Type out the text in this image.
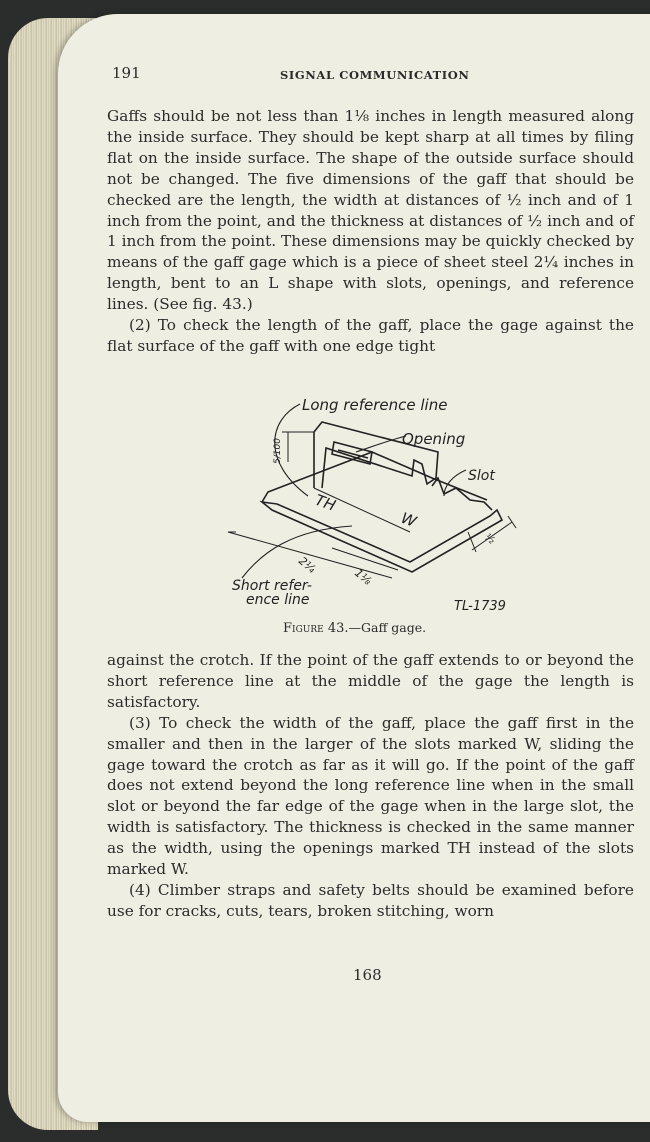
191	SIGNAL COMMUNICATION

Gaffs should be not less than 1⅛ inches in length measured along the inside surface. They should be kept sharp at all times by filing flat on the inside surface. The shape of the outside surface should not be changed. The five dimensions of the gaff that should be checked are the length, the width at distances of ½ inch and of 1 inch from the point, and the thickness at distances of ½ inch and of 1 inch from the point. These dimensions may be quickly checked by means of the gaff gage which is a piece of sheet steel 2¼ inches in length, bent to an L shape with slots, openings, and reference lines. (See fig. 43.)

(2) To check the length of the gaff, place the gage against the flat surface of the gaff with one edge tight

Long reference line
Opening
Slot
TH
W
Short refer-
ence line
5/100
2¼
1⅛
½
TL-1739
Figure 43.—Gaff gage.

against the crotch. If the point of the gaff extends to or beyond the short reference line at the middle of the gage the length is satisfactory.

(3) To check the width of the gaff, place the gaff first in the smaller and then in the larger of the slots marked W, sliding the gage toward the crotch as far as it will go. If the point of the gaff does not extend beyond the long reference line when in the small slot or beyond the far edge of the gage when in the large slot, the width is satisfactory. The thickness is checked in the same manner as the width, using the openings marked TH instead of the slots marked W.

(4) Climber straps and safety belts should be examined before use for cracks, cuts, tears, broken stitching, worn

168
